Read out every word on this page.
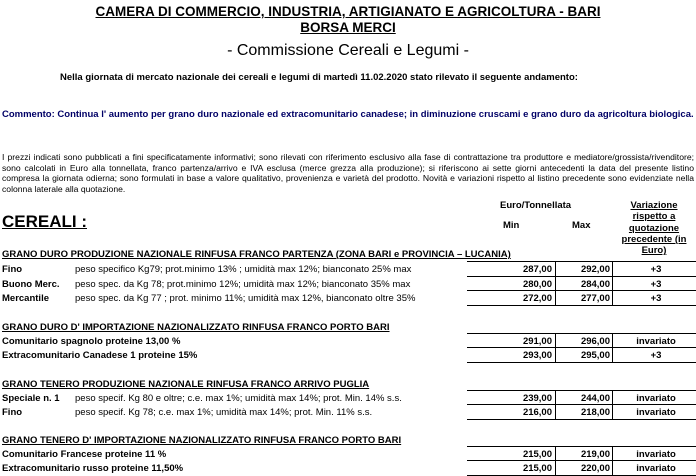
CAMERA DI COMMERCIO, INDUSTRIA, ARTIGIANATO E AGRICOLTURA - BARI
BORSA MERCI
- Commissione Cereali e Legumi -
Nella giornata di mercato nazionale dei cereali e legumi di martedì 11.02.2020 stato rilevato il seguente andamento:
Commento: Continua l' aumento per grano duro nazionale ed extracomunitario canadese; in diminuzione cruscami e grano duro da agricoltura biologica.
I prezzi indicati sono pubblicati a fini specificatamente informativi; sono rilevati con riferimento esclusivo alla fase di contrattazione tra produttore e mediatore/grossista/rivenditore; sono calcolati in Euro alla tonnellata, franco partenza/arrivo e IVA esclusa (merce grezza alla produzione); si riferiscono ai sette giorni antecedenti la data del presente listino compresa la giornata odierna; sono formulati in base a valore qualitativo, provenienza e varietà del prodotto. Novità e variazioni rispetto al listino precedente sono evidenziate nella colonna laterale alla quotazione.
CEREALI :
Euro/Tonnellata
Min	Max
Variazione rispetto a quotazione precedente (in Euro)
GRANO DURO PRODUZIONE NAZIONALE RINFUSA FRANCO PARTENZA (ZONA BARI e PROVINCIA – LUCANIA)
Fino	peso specifico Kg79; prot.minimo 13% ; umidità max 12%; bianconato 25% max	287,00	292,00	+3
Buono Merc. peso spec. da Kg 78; prot.minimo 12%; umidità max 12%; bianconato 35% max	280,00	284,00	+3
Mercantile	peso spec. da Kg 77 ; prot. minimo 11%; umidità max 12%, bianconato oltre 35%	272,00	277,00	+3
GRANO DURO D' IMPORTAZIONE NAZIONALIZZATO RINFUSA FRANCO PORTO BARI
Comunitario spagnolo proteine 13,00 %	291,00	296,00	invariato
Extracomunitario Canadese 1 proteine 15%	293,00	295,00	+3
GRANO TENERO PRODUZIONE NAZIONALE RINFUSA FRANCO ARRIVO PUGLIA
Speciale n. 1 peso specif. Kg 80 e oltre; c.e. max 1%; umidità max 14%; prot. Min. 14% s.s.	239,00	244,00	invariato
Fino	peso specif. Kg 78; c.e. max 1%; umidità max 14%; prot. Min. 11% s.s.	216,00	218,00	invariato
GRANO TENERO D' IMPORTAZIONE NAZIONALIZZATO RINFUSA FRANCO PORTO BARI
Comunitario Francese proteine 11 %	215,00	219,00	invariato
Extracomunitario russo proteine 11,50%	215,00	220,00	invariato
